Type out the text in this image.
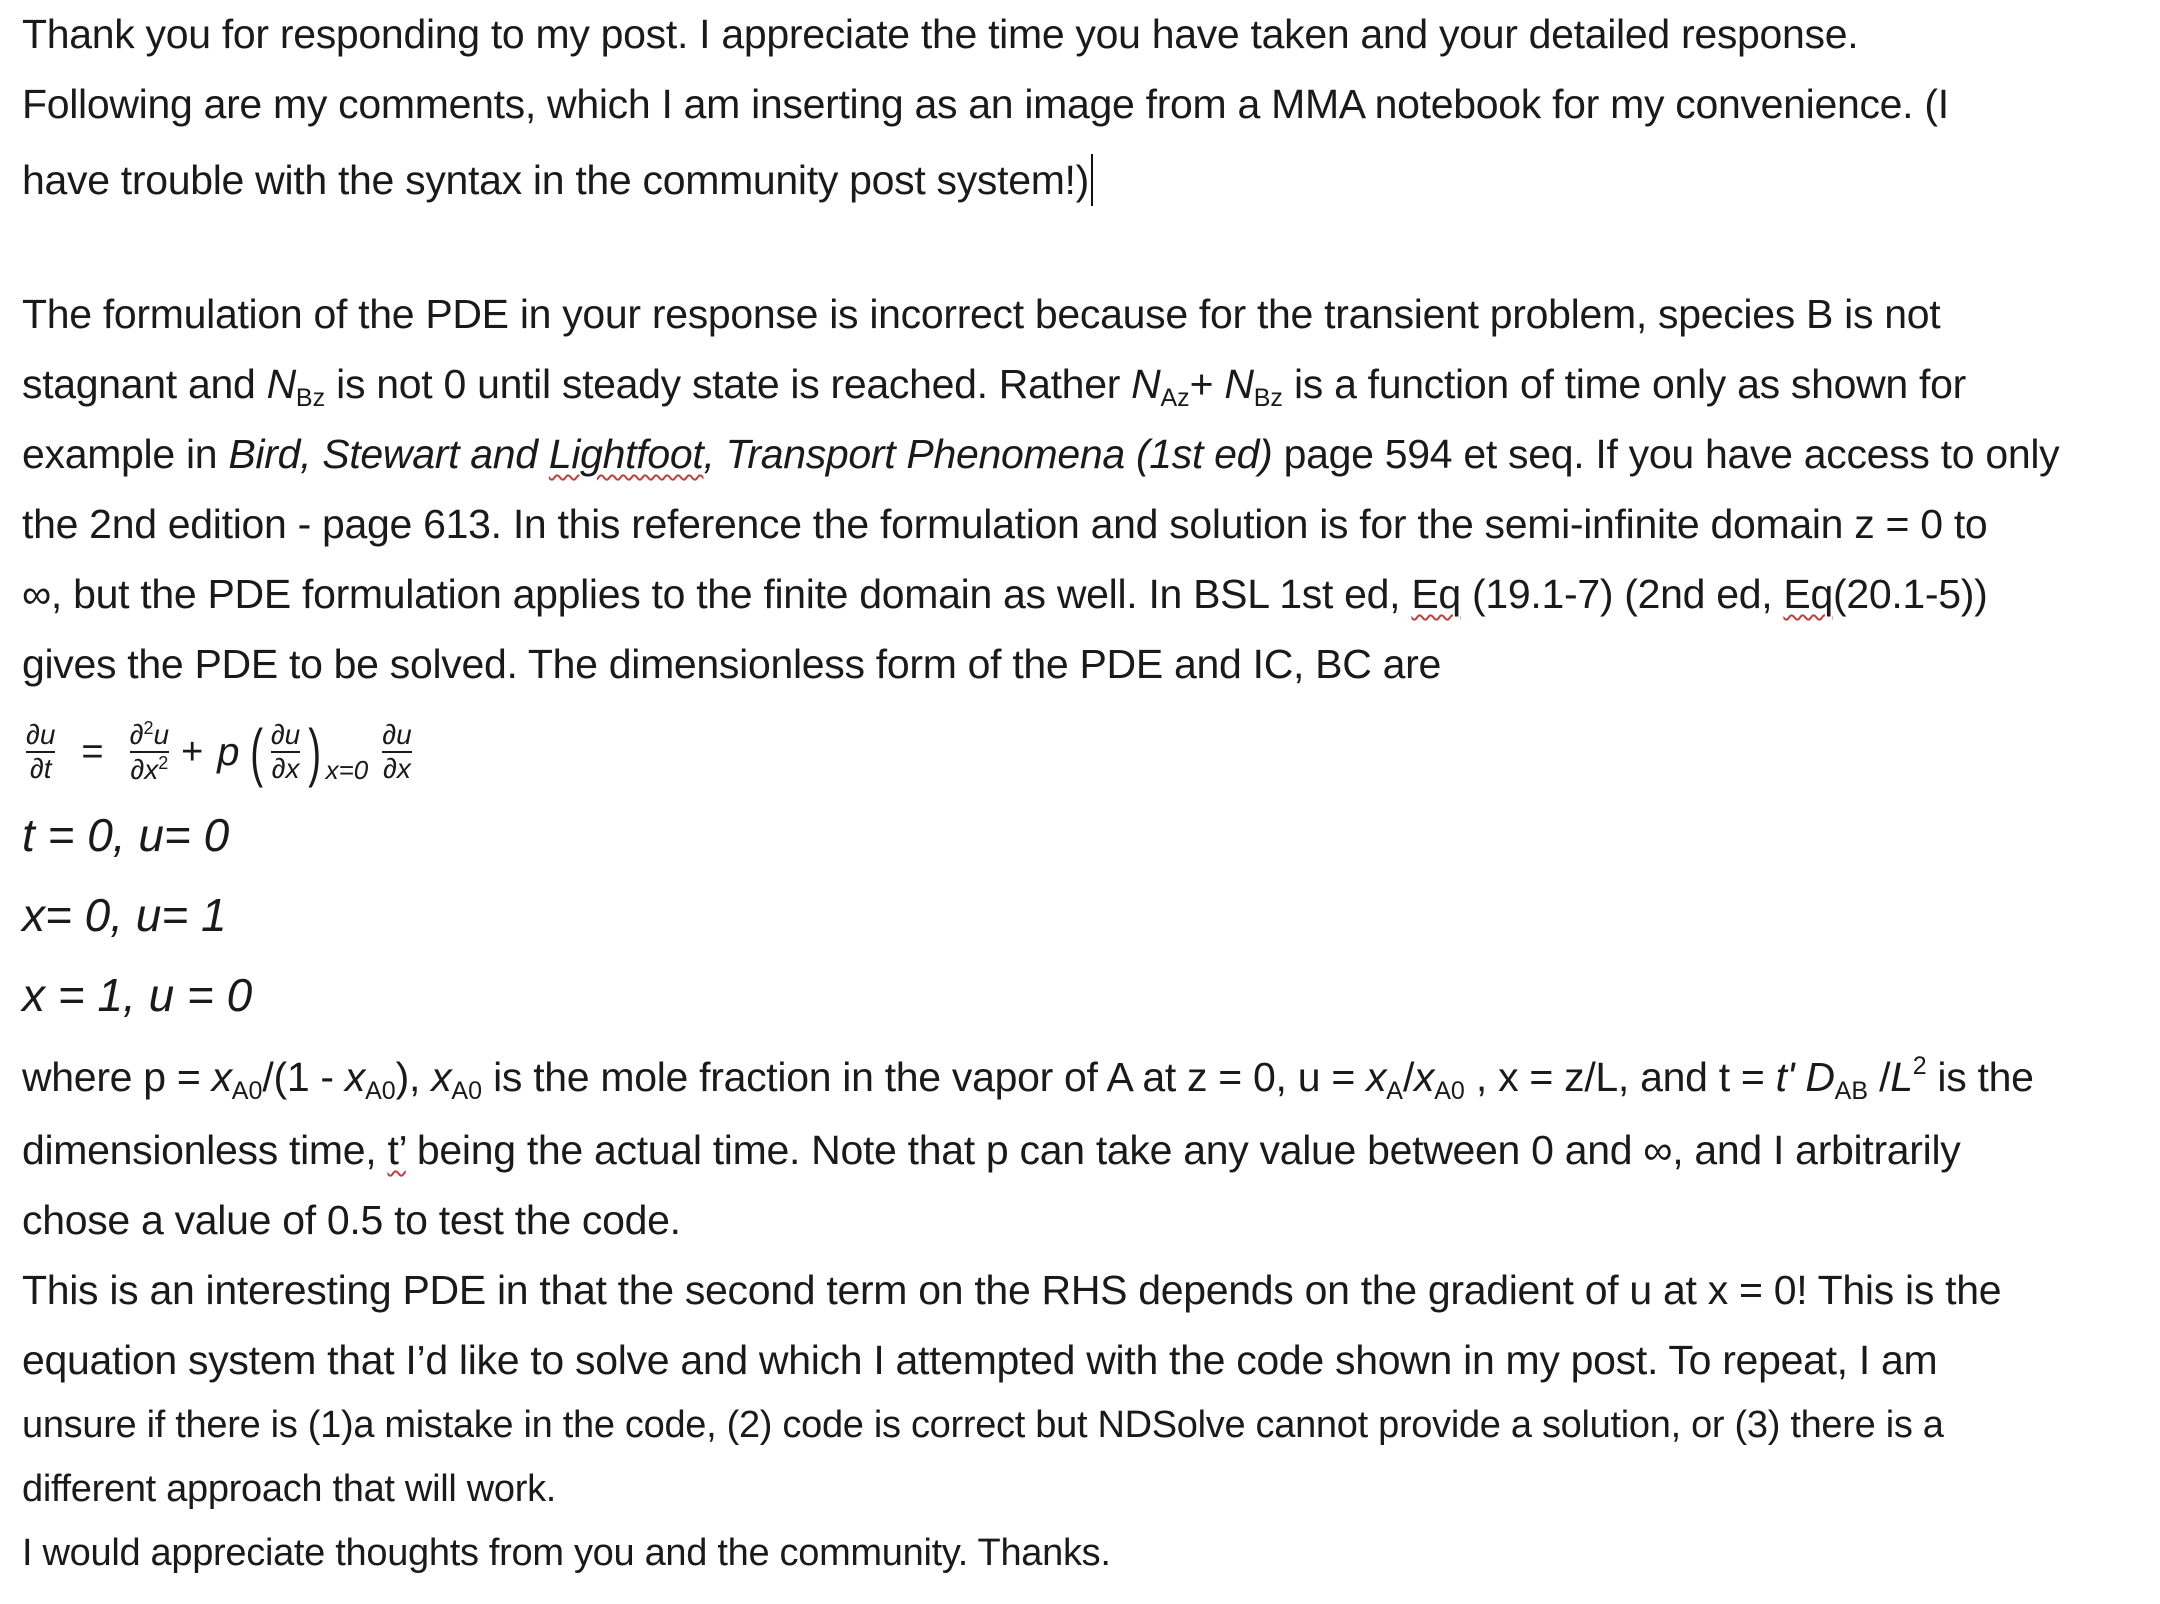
Thank you for responding to my post. I appreciate the time you have taken and your detailed response.
Following are my comments, which I am inserting as an image from a MMA notebook for my convenience. (I
have trouble with the syntax in the community post system!)
The formulation of the PDE in your response is incorrect because for the transient problem, species B is not
stagnant and $N_{Bz}$ is not 0 until steady state is reached. Rather $N_{Az}+ N_{Bz}$ is a function of time only as shown for
example in Bird, Stewart and Lightfoot, Transport Phenomena (1st ed) page 594 et seq. If you have access to only
the 2nd edition - page 613. In this reference the formulation and solution is for the semi-infinite domain z = 0 to
∞, but the PDE formulation applies to the finite domain as well. In BSL 1st ed, Eq (19.1-7) (2nd ed, Eq(20.1-5))
gives the PDE to be solved. The dimensionless form of the PDE and IC, BC are
$\frac{\partial u}{\partial t} = \frac{\partial^2u}{\partial x^2} + p$ ( $\frac{\partial u}{\partial x}$ ) $x=0 \frac{\partial u}{\partial x}$
t = 0, u= 0
x= 0, u= 1
x = 1, u = 0
where $p = x_{A0}/(1 - x_{A0})$, $x_{A0}$ is the mole fraction in the vapor of A at z = 0, $u = x_A/x_{A0}$ , x = z/L, and t = t' $D_{AB}$ $/L^2$ is the
dimensionless time, t’ being the actual time. Note that p can take any value between 0 and ∞, and I arbitrarily
chose a value of 0.5 to test the code.
This is an interesting PDE in that the second term on the RHS depends on the gradient of u at x = 0! This is the
equation system that I’d like to solve and which I attempted with the code shown in my post. To repeat, I am
unsure if there is (1)a mistake in the code, (2) code is correct but NDSolve cannot provide a solution, or (3) there is a
different approach that will work.
I would appreciate thoughts from you and the community. Thanks.
